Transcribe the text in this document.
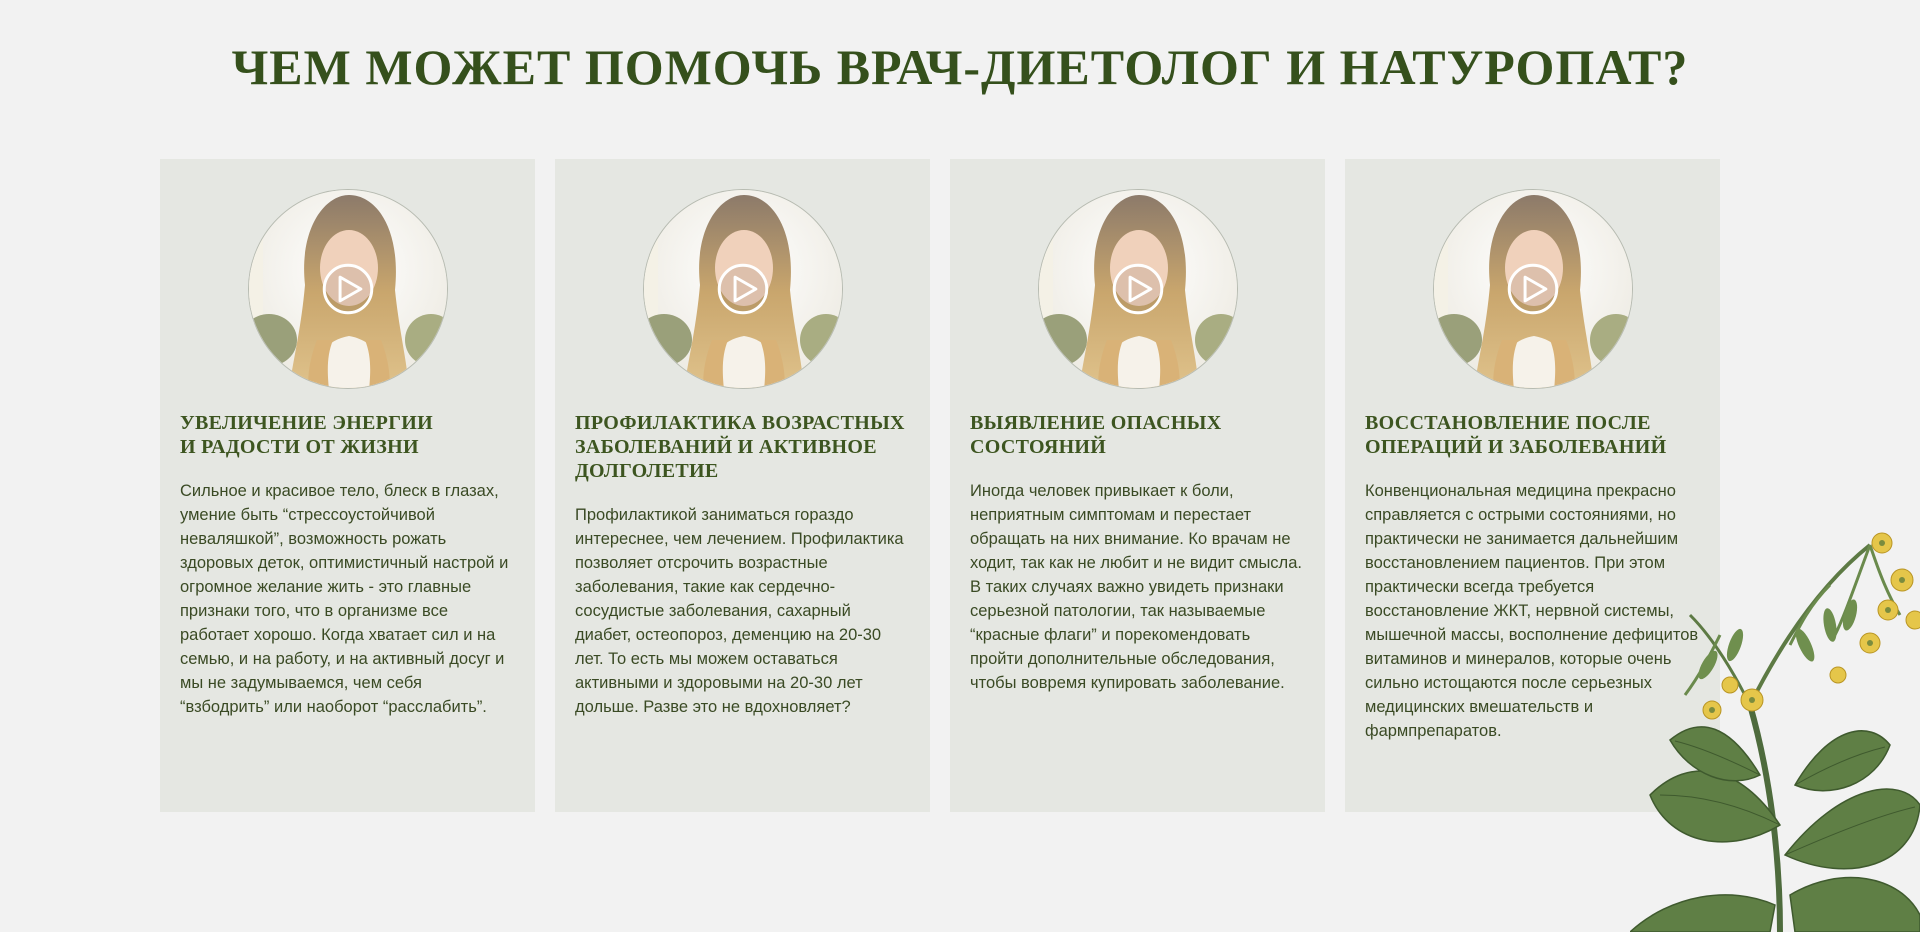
ЧЕМ МОЖЕТ ПОМОЧЬ ВРАЧ-ДИЕТОЛОГ И НАТУРОПАТ?
УВЕЛИЧЕНИЕ ЭНЕРГИИ
И РАДОСТИ ОТ ЖИЗНИ

Сильное и красивое тело, блеск в глазах, умение быть “стрессоустойчивой неваляшкой”, возможность рожать здоровых деток, оптимистичный настрой и огромное желание жить - это главные признаки того, что в организме все работает хорошо. Когда хватает сил и на семью, и на работу, и на активный досуг и мы не задумываемся, чем себя “взбодрить” или наоборот “расслабить”.

ПРОФИЛАКТИКА ВОЗРАСТНЫХ
ЗАБОЛЕВАНИЙ И АКТИВНОЕ
ДОЛГОЛЕТИЕ

Профилактикой заниматься гораздо интереснее, чем лечением. Профилактика позволяет отсрочить возрастные заболевания, такие как сердечно-сосудистые заболевания, сахарный диабет, остеопороз, деменцию на 20-30 лет. То есть мы можем оставаться активными и здоровыми на 20-30 лет дольше. Разве это не вдохновляет?

ВЫЯВЛЕНИЕ ОПАСНЫХ
СОСТОЯНИЙ

Иногда человек привыкает к боли, неприятным симптомам и перестает обращать на них внимание. Ко врачам не ходит, так как не любит и не видит смысла. В таких случаях важно увидеть признаки серьезной патологии, так называемые “красные флаги” и порекомендовать пройти дополнительные обследования, чтобы вовремя купировать заболевание.

ВОССТАНОВЛЕНИЕ ПОСЛЕ
ОПЕРАЦИЙ И ЗАБОЛЕВАНИЙ

Конвенциональная медицина прекрасно справляется с острыми состояниями, но практически не занимается дальнейшим восстановлением пациентов. При этом практически всегда требуется восстановление ЖКТ, нервной системы, мышечной массы, восполнение дефицитов витаминов и минералов, которые очень сильно истощаются после серьезных медицинских вмешательств и фармпрепаратов.
